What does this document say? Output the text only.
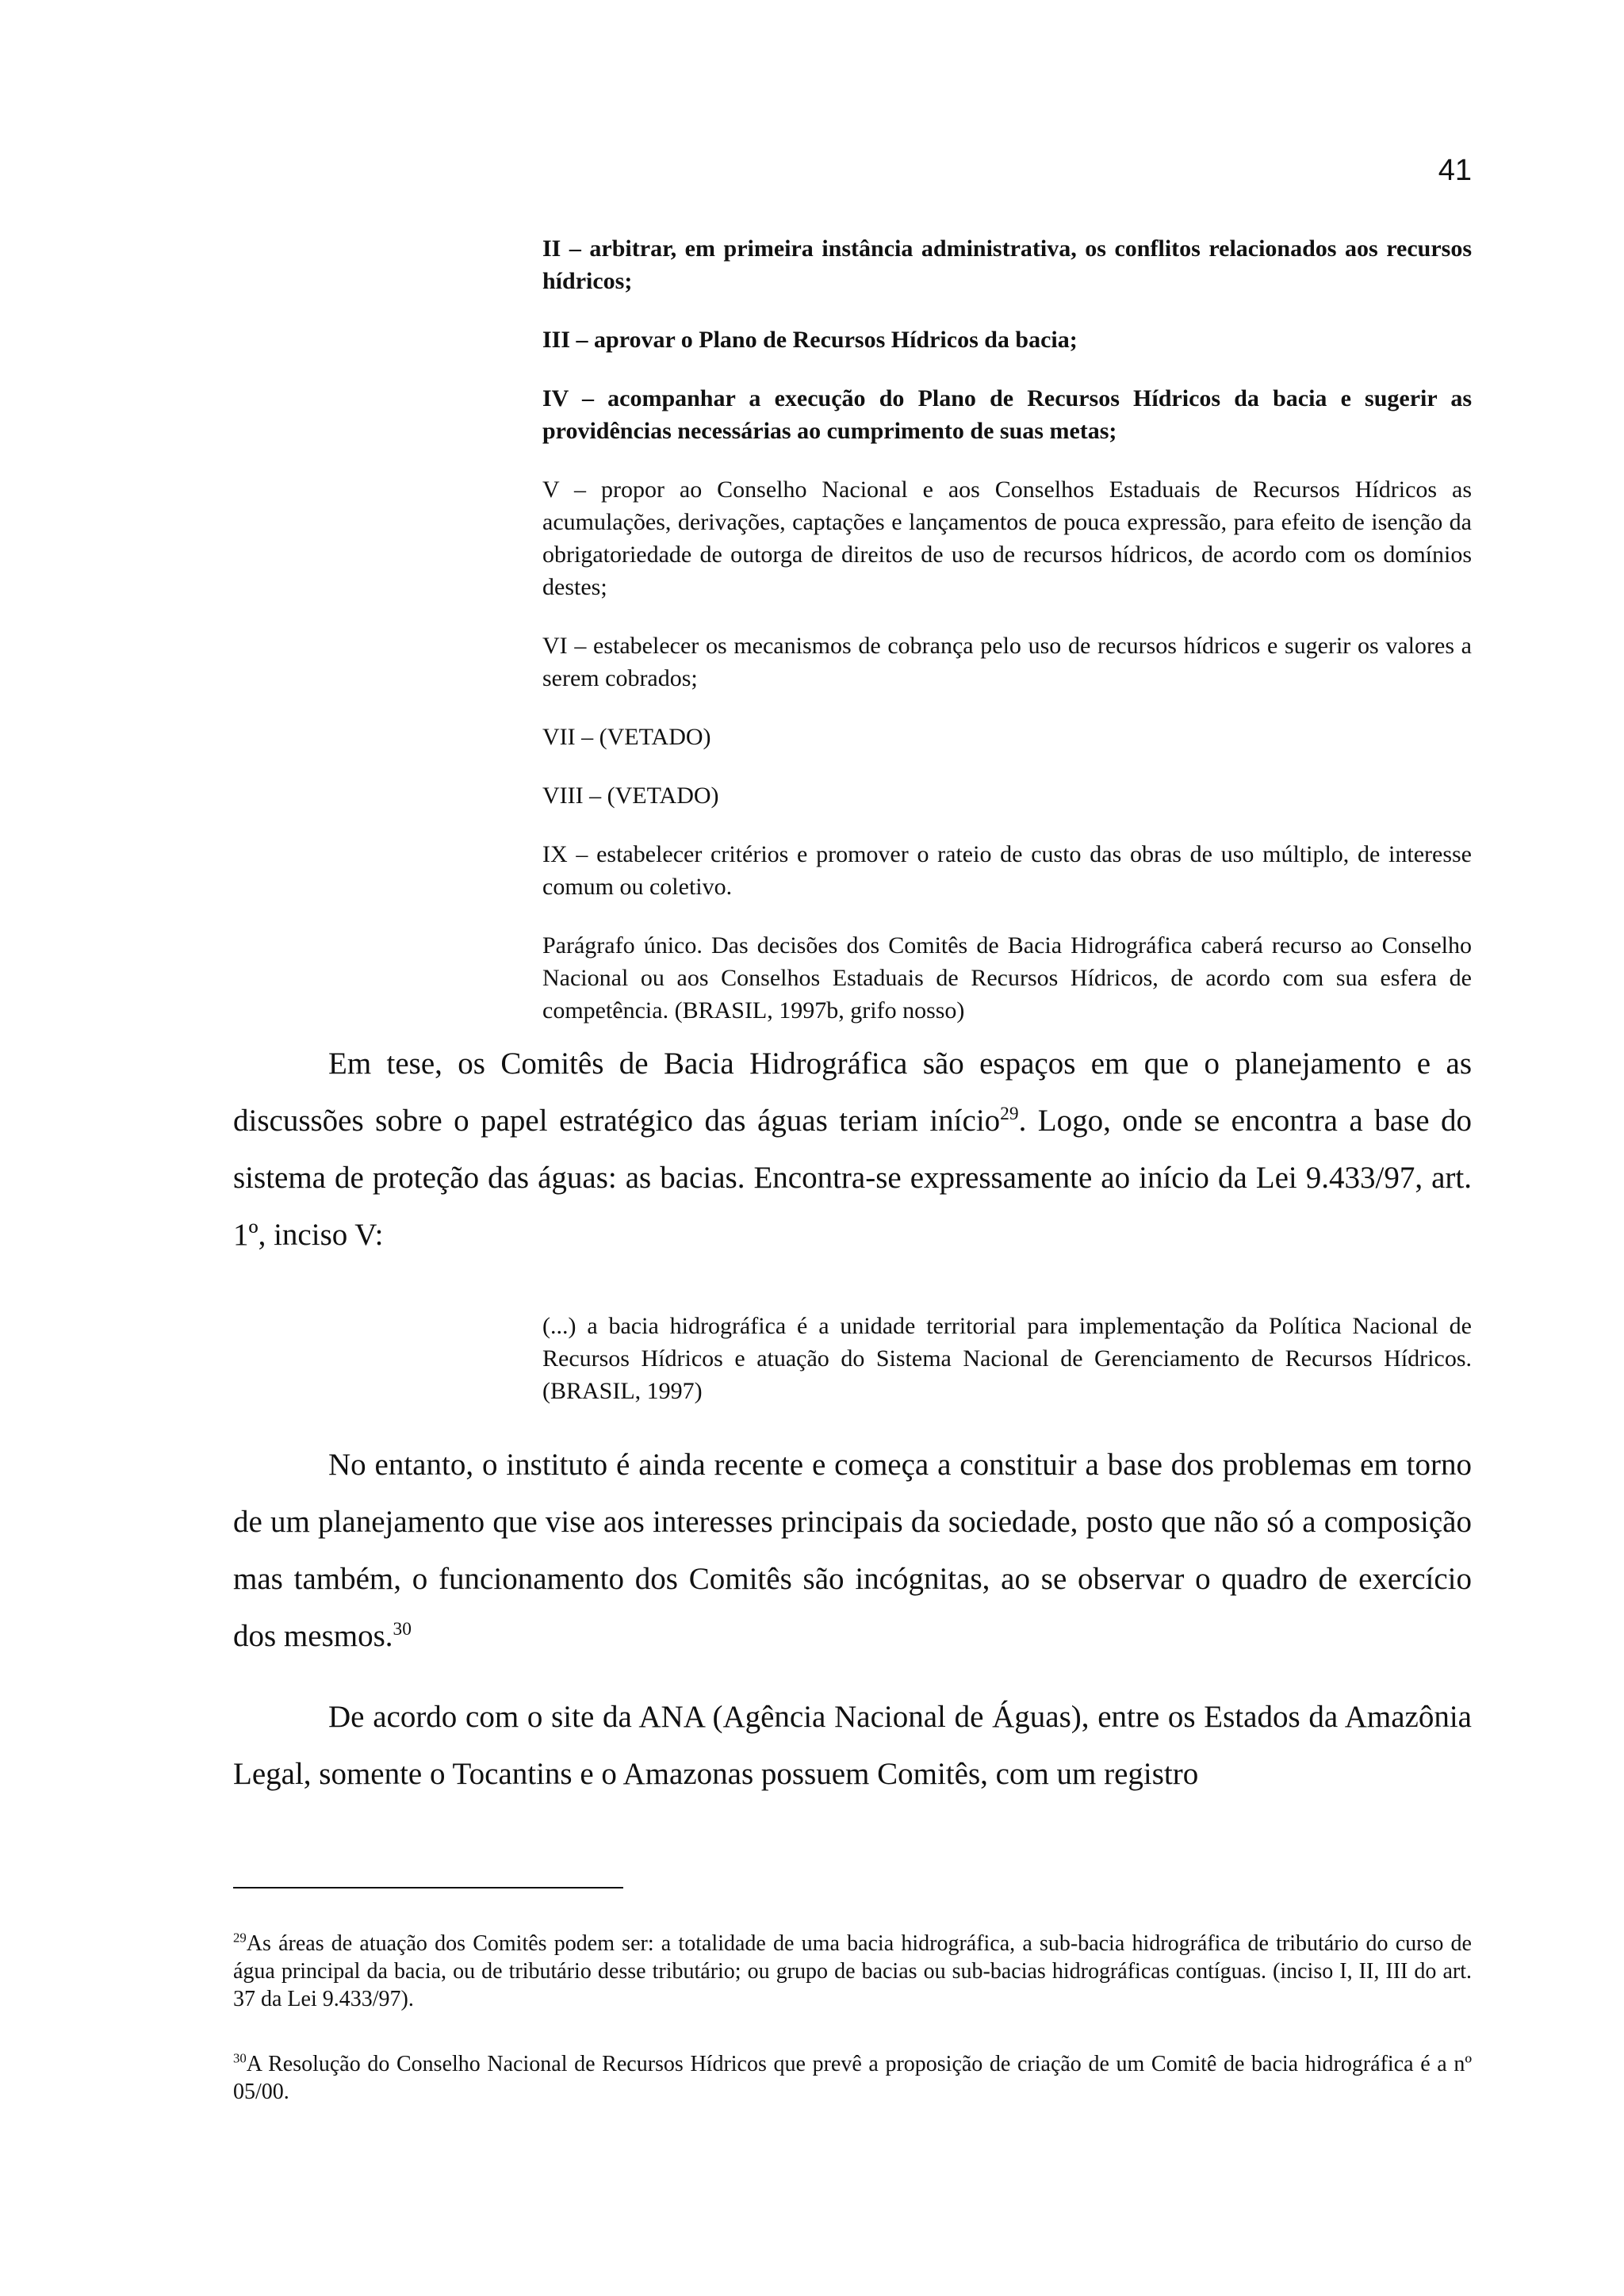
41

II – arbitrar, em primeira instância administrativa, os conflitos relacionados aos recursos hídricos;

III – aprovar o Plano de Recursos Hídricos da bacia;

IV – acompanhar a execução do Plano de Recursos Hídricos da bacia e sugerir as providências necessárias ao cumprimento de suas metas;

V – propor ao Conselho Nacional e aos Conselhos Estaduais de Recursos Hídricos as acumulações, derivações, captações e lançamentos de pouca expressão, para efeito de isenção da obrigatoriedade de outorga de direitos de uso de recursos hídricos, de acordo com os domínios destes;

VI – estabelecer os mecanismos de cobrança pelo uso de recursos hídricos e sugerir os valores a serem cobrados;

VII – (VETADO)

VIII – (VETADO)

IX – estabelecer critérios e promover o rateio de custo das obras de uso múltiplo, de interesse comum ou coletivo.

Parágrafo único. Das decisões dos Comitês de Bacia Hidrográfica caberá recurso ao Conselho Nacional ou aos Conselhos Estaduais de Recursos Hídricos, de acordo com sua esfera de competência. (BRASIL, 1997b, grifo nosso)

Em tese, os Comitês de Bacia Hidrográfica são espaços em que o planejamento e as discussões sobre o papel estratégico das águas teriam início$^{29}$. Logo, onde se encontra a base do sistema de proteção das águas: as bacias. Encontra-se expressamente ao início da Lei 9.433/97, art. 1º, inciso V:

(...) a bacia hidrográfica é a unidade territorial para implementação da Política Nacional de Recursos Hídricos e atuação do Sistema Nacional de Gerenciamento de Recursos Hídricos. (BRASIL, 1997)

No entanto, o instituto é ainda recente e começa a constituir a base dos problemas em torno de um planejamento que vise aos interesses principais da sociedade, posto que não só a composição mas também, o funcionamento dos Comitês são incógnitas, ao se observar o quadro de exercício dos mesmos.$^{30}$

De acordo com o site da ANA (Agência Nacional de Águas), entre os Estados da Amazônia Legal, somente o Tocantins e o Amazonas possuem Comitês, com um registro

$^{29}$As áreas de atuação dos Comitês podem ser: a totalidade de uma bacia hidrográfica, a sub-bacia hidrográfica de tributário do curso de água principal da bacia, ou de tributário desse tributário; ou grupo de bacias ou sub-bacias hidrográficas contíguas. (inciso I, II, III do art. 37 da Lei 9.433/97).

$^{30}$A Resolução do Conselho Nacional de Recursos Hídricos que prevê a proposição de criação de um Comitê de bacia hidrográfica é a nº 05/00.
